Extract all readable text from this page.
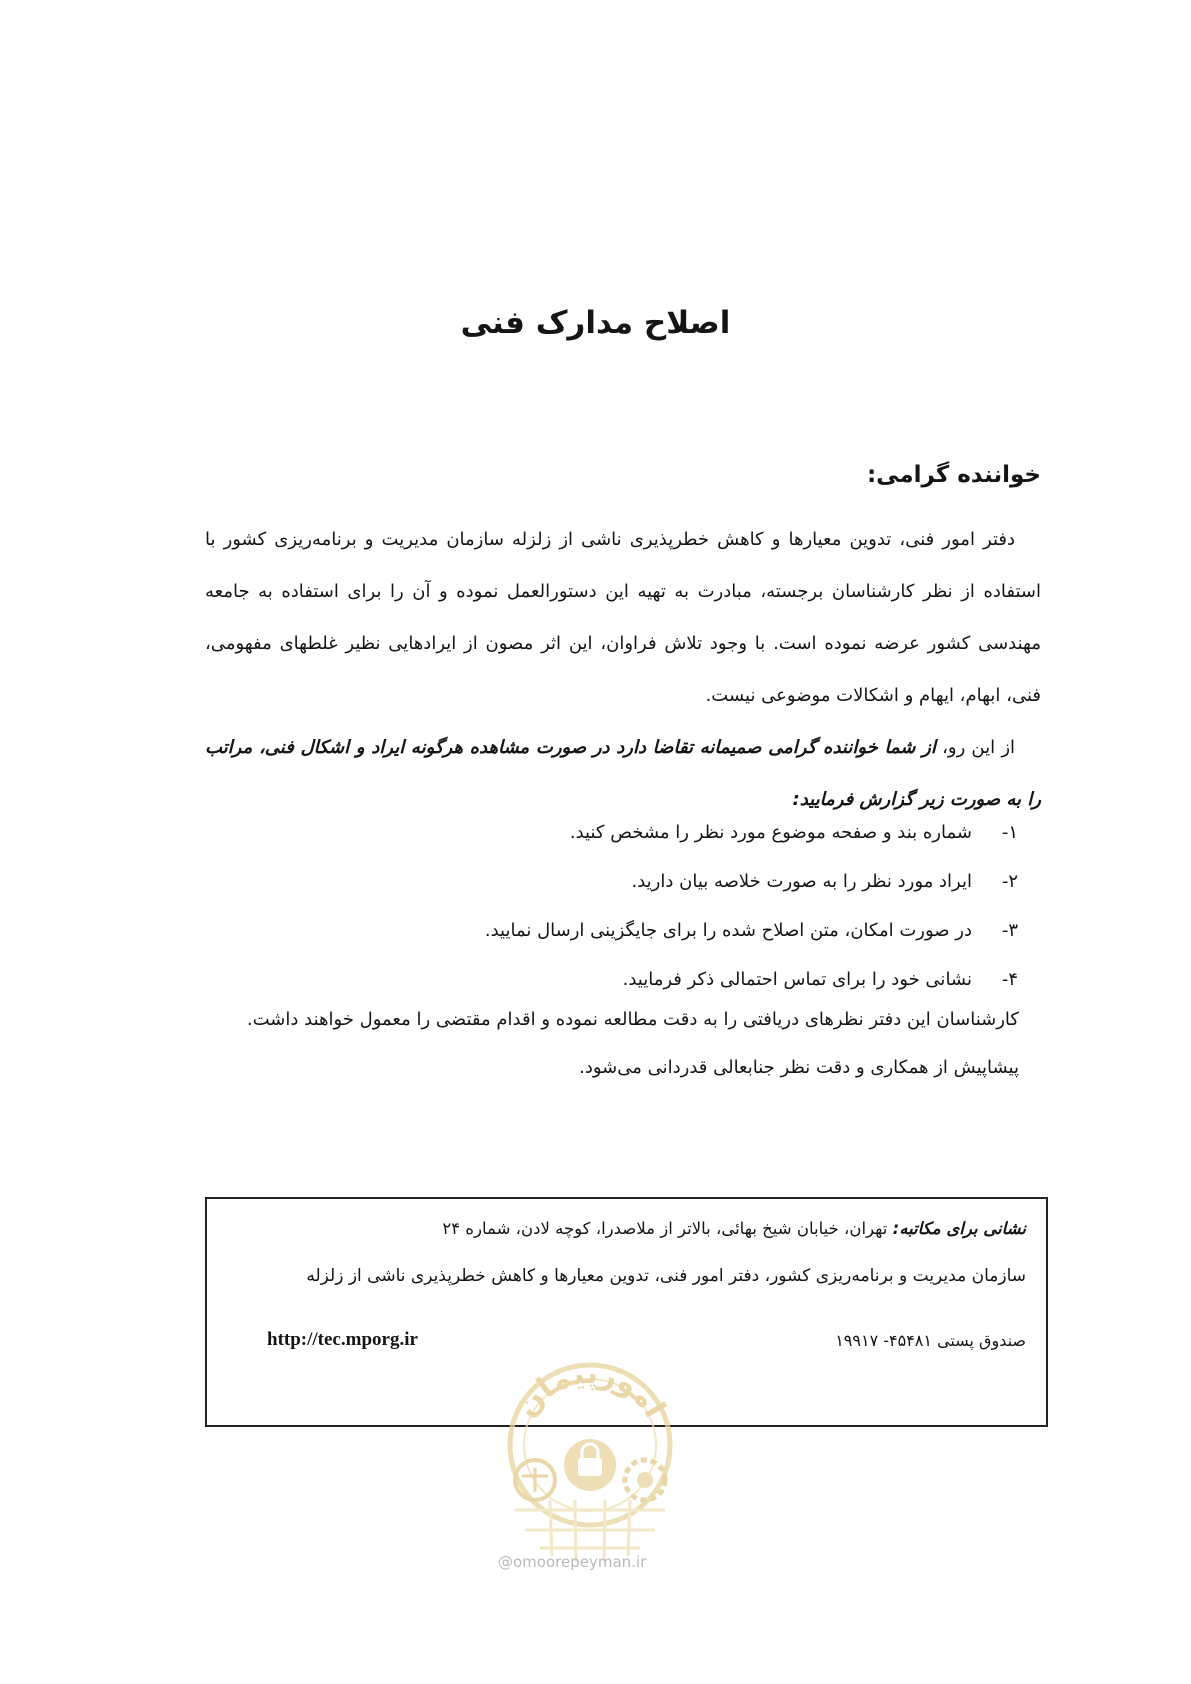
اصلاح مدارک فنی
خواننده گرامی:

دفتر امور فنی، تدوین معیارها و کاهش خطرپذیری ناشی از زلزله سازمان مدیریت و برنامه‌ریزی کشور با استفاده از نظر کارشناسان برجسته، مبادرت به تهیه این دستورالعمل نموده و آن را برای استفاده به جامعه مهندسی کشور عرضه نموده است. با وجود تلاش فراوان، این اثر مصون از ایرادهایی نظیر غلطهای مفهومی، فنی، ابهام، ایهام و اشکالات موضوعی نیست.

از این رو، از شما خواننده گرامی صمیمانه تقاضا دارد در صورت مشاهده هرگونه ایراد و اشکال فنی، مراتب را به صورت زیر گزارش فرمایید:

۱-
شماره بند و صفحه موضوع مورد نظر را مشخص کنید.
۲-
ایراد مورد نظر را به صورت خلاصه بیان دارید.
۳-
در صورت امکان، متن اصلاح شده را برای جایگزینی ارسال نمایید.
۴-
نشانی خود را برای تماس احتمالی ذکر فرمایید.

کارشناسان این دفتر نظرهای دریافتی را به دقت مطالعه نموده و اقدام مقتضی را معمول خواهند داشت.

پیشاپیش از همکاری و دقت نظر جنابعالی قدردانی می‌شود.

نشانی برای مکاتبه: تهران، خیابان شیخ بهائی، بالاتر از ملاصدرا، کوچه لادن، شماره ۲۴
سازمان مدیریت و برنامه‌ریزی کشور، دفتر امور فنی، تدوین معیارها و کاهش خطرپذیری ناشی از زلزله
صندوق پستی ۴۵۴۸۱- ۱۹۹۱۷
http://tec.mporg.ir
امورپیمان
@omoorepeyman.ir
